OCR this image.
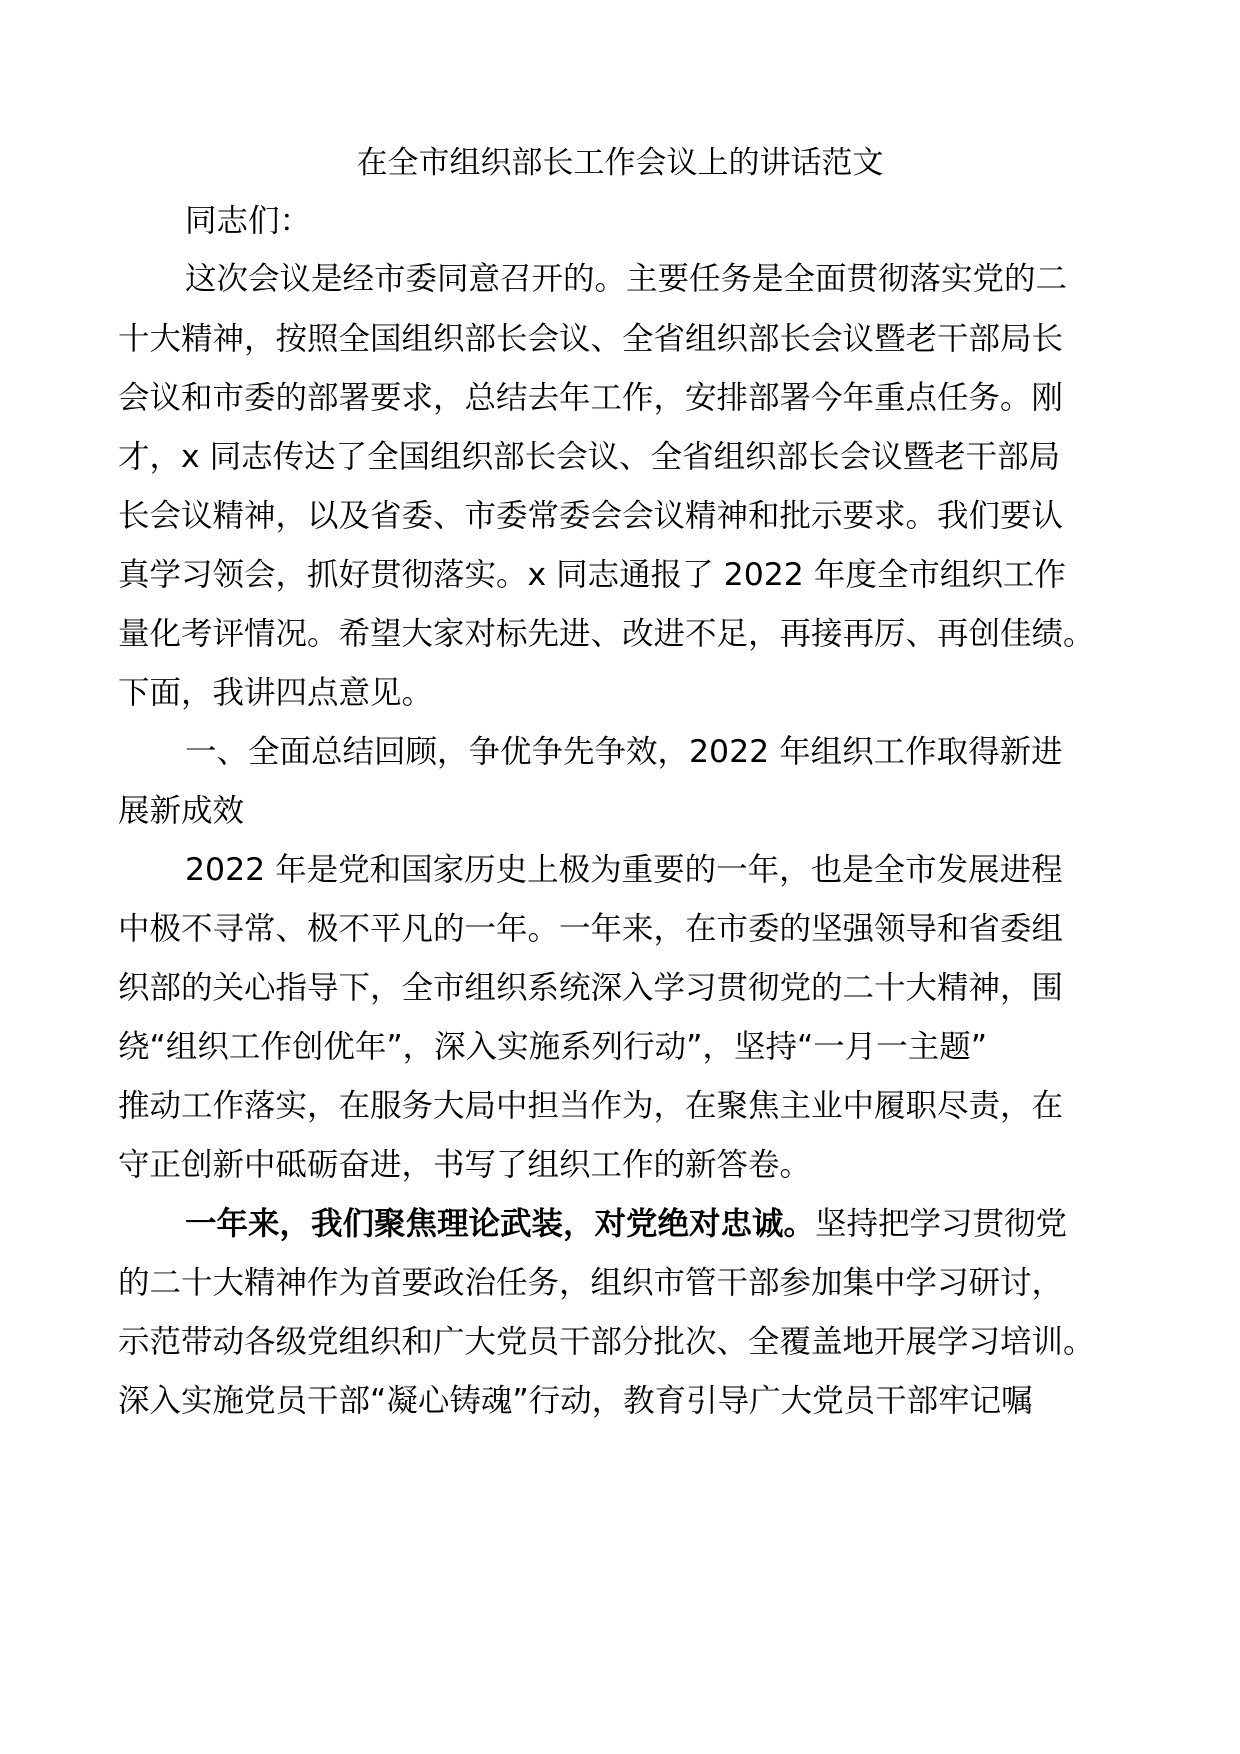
在全市组织部长工作会议上的讲话范文
同志们：
这次会议是经市委同意召开的。主要任务是全面贯彻落实党的二
十大精神，按照全国组织部长会议、全省组织部长会议暨老干部局长
会议和市委的部署要求，总结去年工作，安排部署今年重点任务。刚
才，x 同志传达了全国组织部长会议、全省组织部长会议暨老干部局
长会议精神，以及省委、市委常委会会议精神和批示要求。我们要认
真学习领会，抓好贯彻落实。x 同志通报了 2022 年度全市组织工作
量化考评情况。希望大家对标先进、改进不足，再接再厉、再创佳绩。
下面，我讲四点意见。
一、全面总结回顾，争优争先争效，2022 年组织工作取得新进
展新成效
2022 年是党和国家历史上极为重要的一年，也是全市发展进程
中极不寻常、极不平凡的一年。一年来，在市委的坚强领导和省委组
织部的关心指导下，全市组织系统深入学习贯彻党的二十大精神，围
绕“组织工作创优年”，深入实施系列行动”，坚持“一月一主题”
推动工作落实，在服务大局中担当作为，在聚焦主业中履职尽责，在
守正创新中砥砺奋进，书写了组织工作的新答卷。
一年来，我们聚焦理论武装，对党绝对忠诚。坚持把学习贯彻党
的二十大精神作为首要政治任务，组织市管干部参加集中学习研讨，
示范带动各级党组织和广大党员干部分批次、全覆盖地开展学习培训。
深入实施党员干部“凝心铸魂”行动，教育引导广大党员干部牢记嘱
